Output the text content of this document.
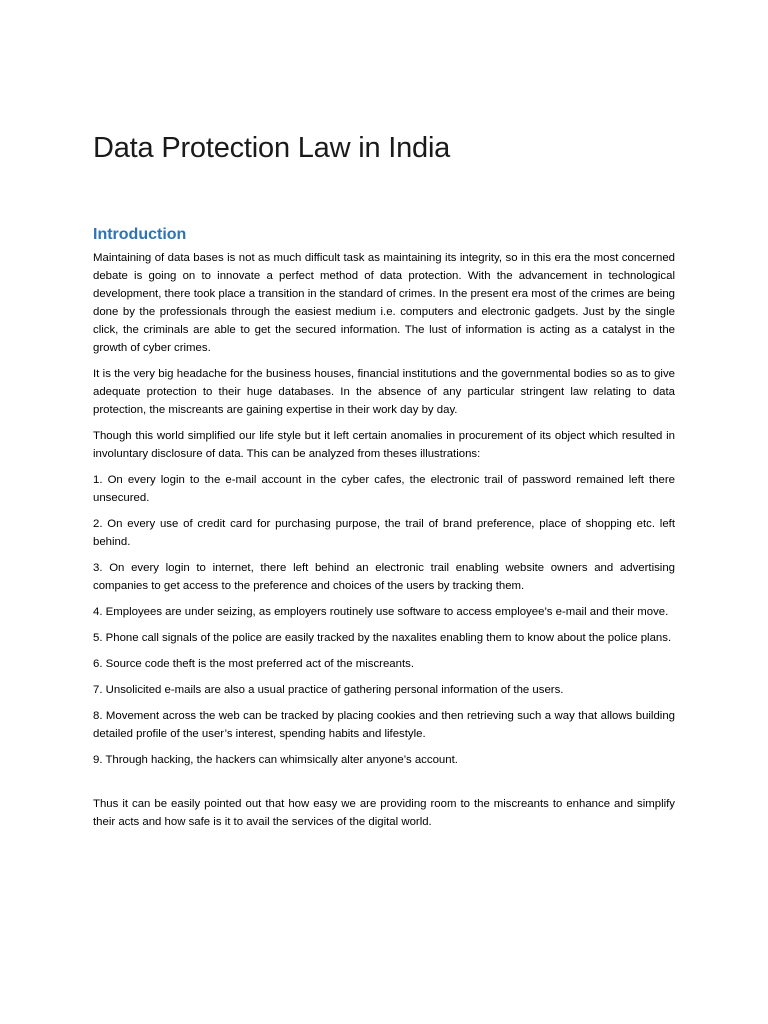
Data Protection Law in India
Introduction

Maintaining of data bases is not as much difficult task as maintaining its integrity, so in this era the most concerned debate is going on to innovate a perfect method of data protection. With the advancement in technological development, there took place a transition in the standard of crimes. In the present era most of the crimes are being done by the professionals through the easiest medium i.e. computers and electronic gadgets. Just by the single click, the criminals are able to get the secured information. The lust of information is acting as a catalyst in the growth of cyber crimes.

It is the very big headache for the business houses, financial institutions and the governmental bodies so as to give adequate protection to their huge databases. In the absence of any particular stringent law relating to data protection, the miscreants are gaining expertise in their work day by day.

Though this world simplified our life style but it left certain anomalies in procurement of its object which resulted in involuntary disclosure of data. This can be analyzed from theses illustrations:

1. On every login to the e-mail account in the cyber cafes, the electronic trail of password remained left there unsecured.

2. On every use of credit card for purchasing purpose, the trail of brand preference, place of shopping etc. left behind.

3. On every login to internet, there left behind an electronic trail enabling website owners and advertising companies to get access to the preference and choices of the users by tracking them.

4. Employees are under seizing, as employers routinely use software to access employee’s e-mail and their move.

5. Phone call signals of the police are easily tracked by the naxalites enabling them to know about the police plans.

6. Source code theft is the most preferred act of the miscreants.

7. Unsolicited e-mails are also a usual practice of gathering personal information of the users.

8. Movement across the web can be tracked by placing cookies and then retrieving such a way that allows building detailed profile of the user’s interest, spending habits and lifestyle.

9. Through hacking, the hackers can whimsically alter anyone’s account.

Thus it can be easily pointed out that how easy we are providing room to the miscreants to enhance and simplify their acts and how safe is it to avail the services of the digital world.
